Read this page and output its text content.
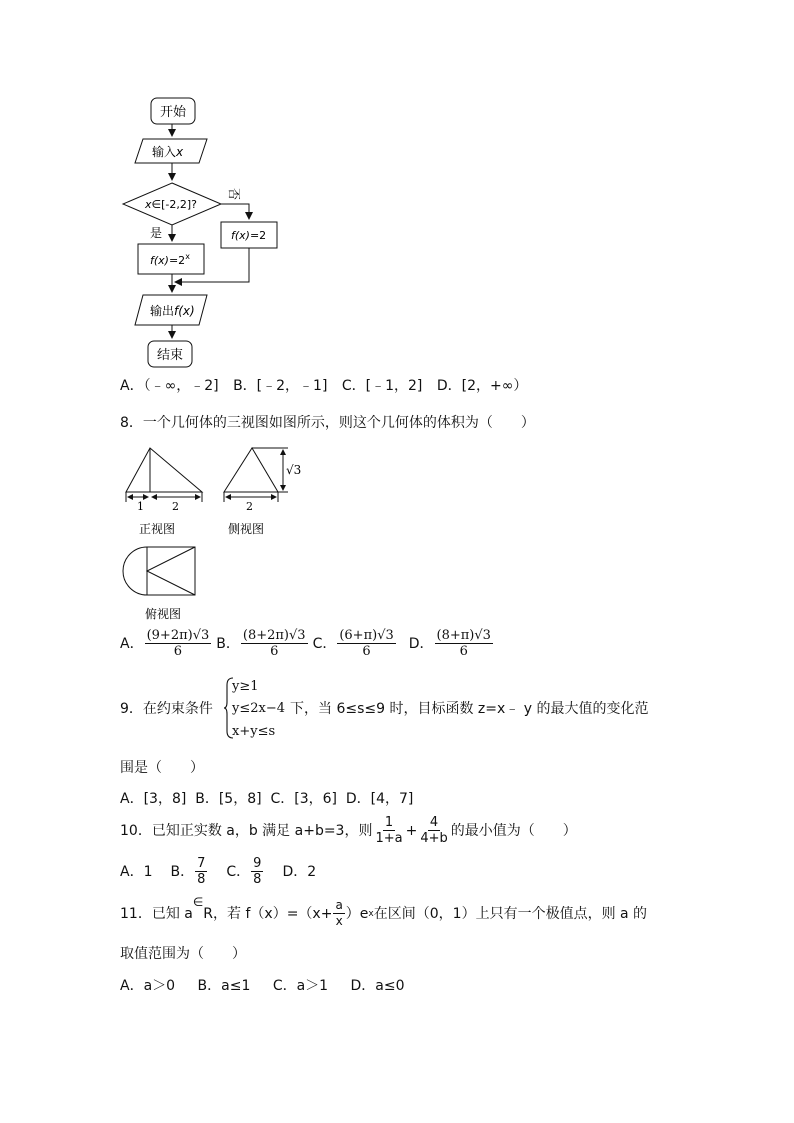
开始
输入x
x∈[-2,2]?
否
f(x)=2
是
$f(x)=2^x$
输出f(x)
结束
A．（﹣∞，﹣2] B．[﹣2，﹣1] C．[﹣1，2] D．[2，+∞）
8．一个几何体的三视图如图所示，则这个几何体的体积为（　　）
1	2
正视图
√3
2
侧视图
俯视图
A． $\frac{(9+2\pi)√3}{6}$ B． $\frac{(8+2\pi)√3}{6}$ C． $\frac{(6+\pi)√3}{6}$ D． $\frac{(8+\pi)√3}{6}$
9．在约束条件
y≥1
y≤2x−4
x+y≤s
下，当 6≤s≤9 时，目标函数 z=x﹣ y 的最大值的变化范
围是（　　）
A．[3，8]  B．[5，8]  C．[3，6]  D．[4，7]
10．已知正实数 a，b 满足 a+b=3，则 $\frac{1}{1+a} + \frac{4}{4+b}$ 的最小值为（　　）
A．1 B． $\frac{7}{8}$ C． $\frac{9}{8}$ D．2
11．已知 a
∈
R，若 $f(x)=(x+ \frac{a}{x} )e$ x 在区间（0，1）上只有一个极值点，则 a 的
取值范围为（　　）
A．a＞0 B．a≤1 C．a＞1 D．a≤0
